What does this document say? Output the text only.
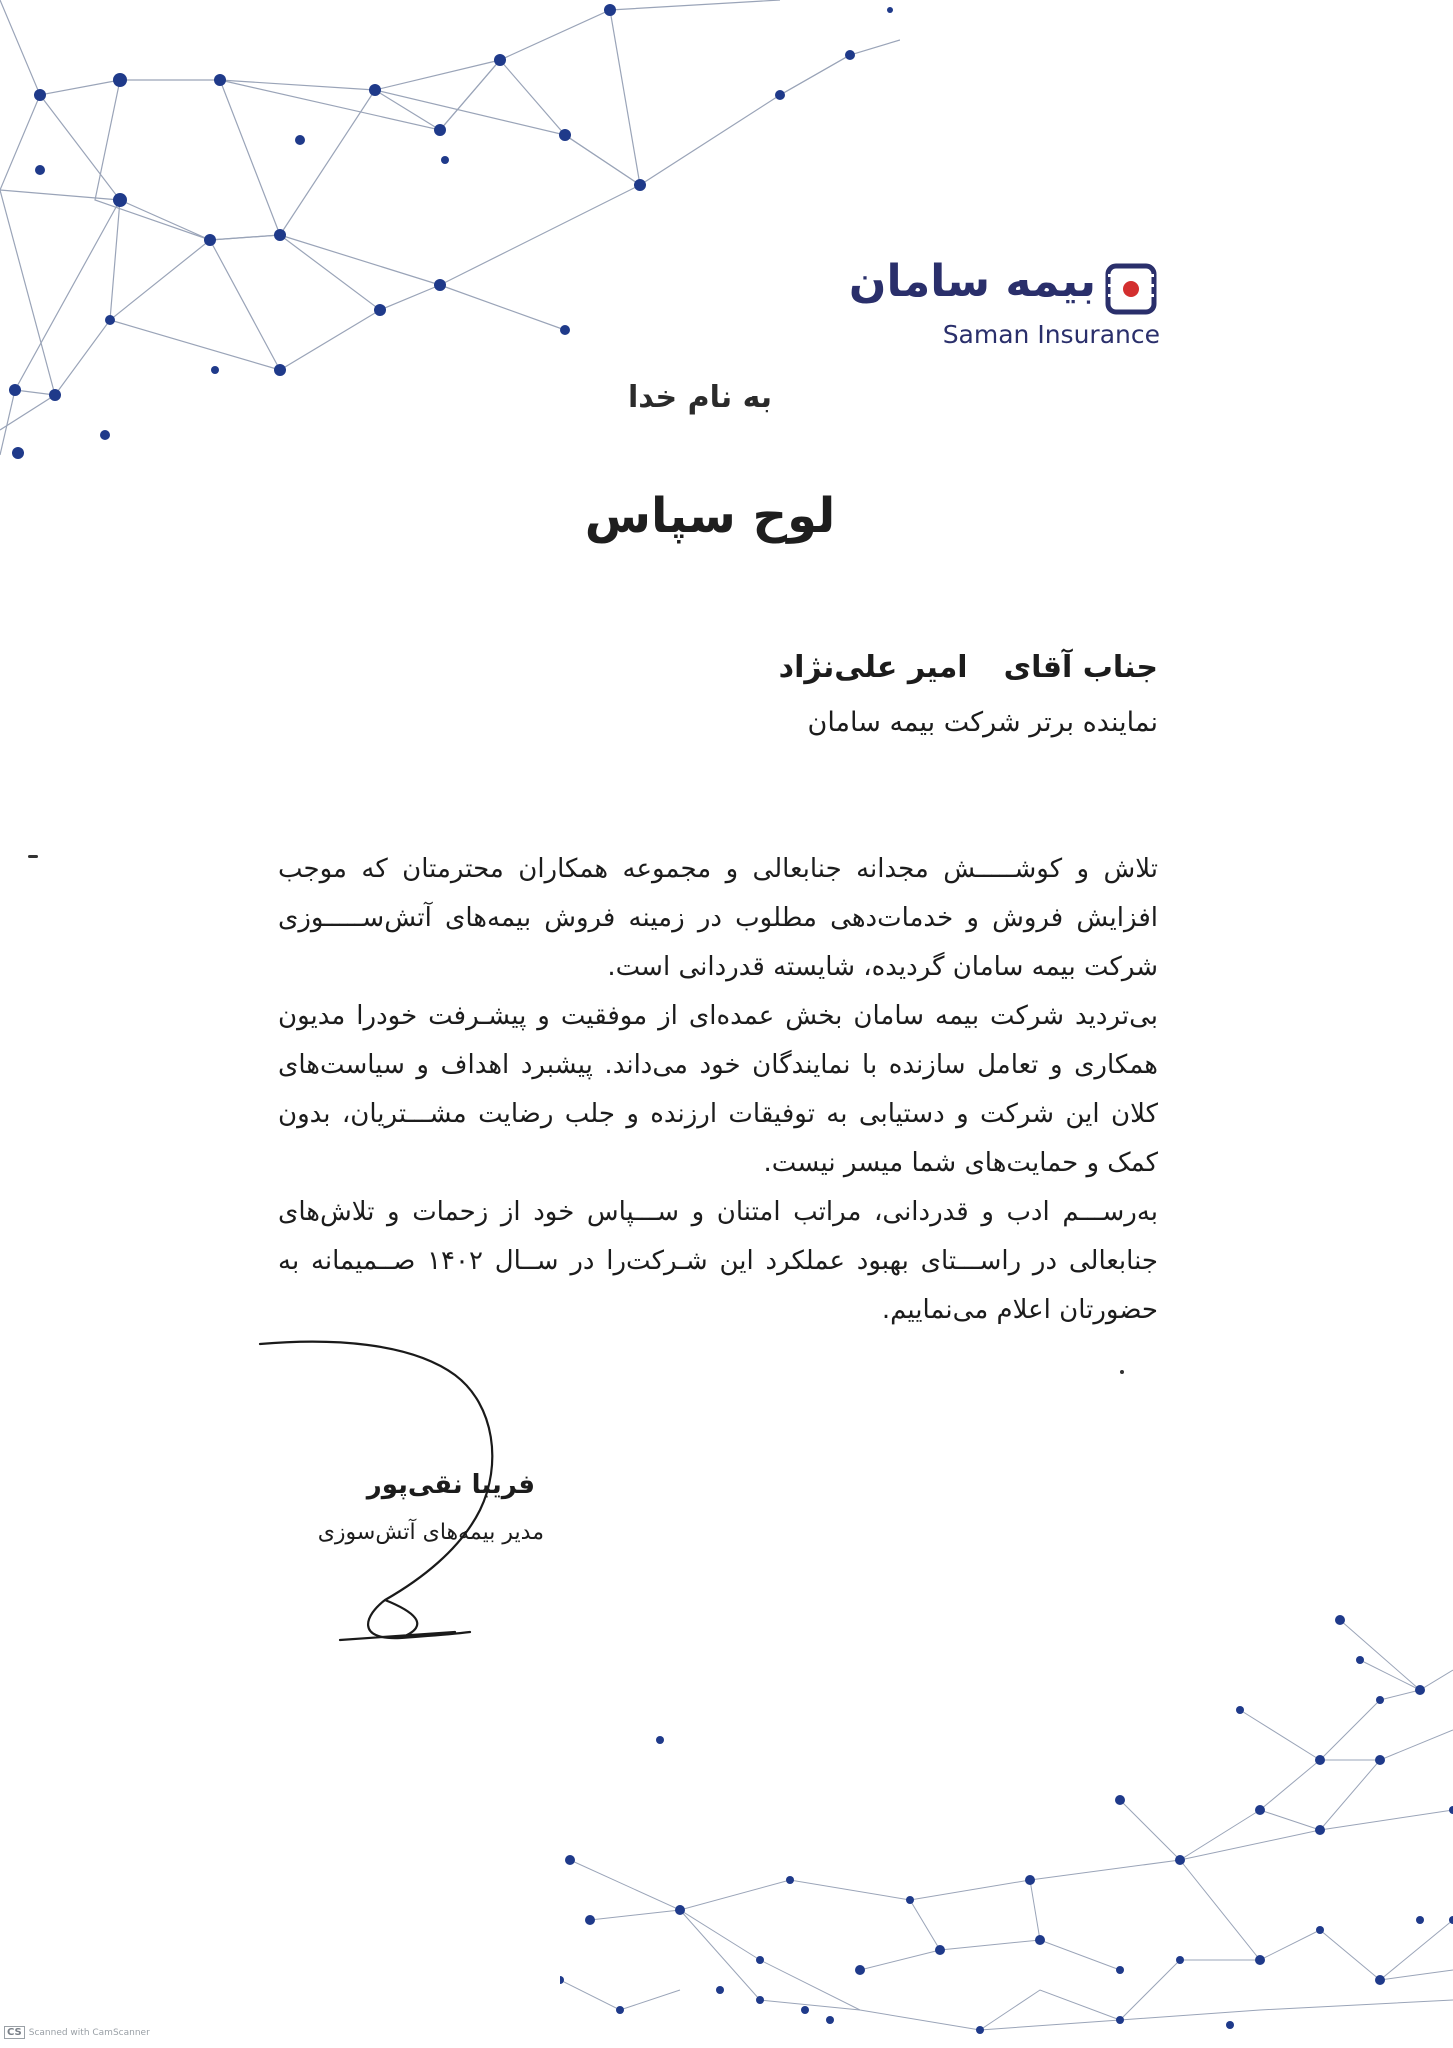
بیمه سامان
Saman Insurance
به نام خدا
لوح سپاس
جناب آقایامیر علی‌نژاد
نماینده برتر شرکت بیمه سامان

تلاش و کوشـــــش مجدانه جنابعالی و مجموعه همکاران محترمتان که موجب افزایش فروش و خدمات‌دهی مطلوب در زمینه فروش بیمه‌های آتش‌ســـــوزی شرکت بیمه سامان گردیده، شایسته قدردانی است.

بی‌تردید شرکت بیمه سامان بخش عمده‌ای از موفقیت و پیشـرفت خودرا مدیون همکاری و تعامل سازنده با نمایندگان خود می‌داند. پیشبرد اهداف و سیاست‌های کلان این شرکت و دستیابی به توفیقات ارزنده و جلب رضایت مشـــتریان، بدون کمک و حمایت‌های شما میسر نیست.

به‌رســـم ادب و قدردانی، مراتب امتنان و ســـپاس خود از زحمات و تلاش‌های جنابعالی در راســـتای بهبود عملکرد این شـرکت‌را در ســال ۱۴۰۲ صــمیمانه به حضورتان اعلام می‌نماییم.

فریبا نقی‌پور
مدیر بیمه‌های آتش‌سوزی
CS Scanned with CamScanner
